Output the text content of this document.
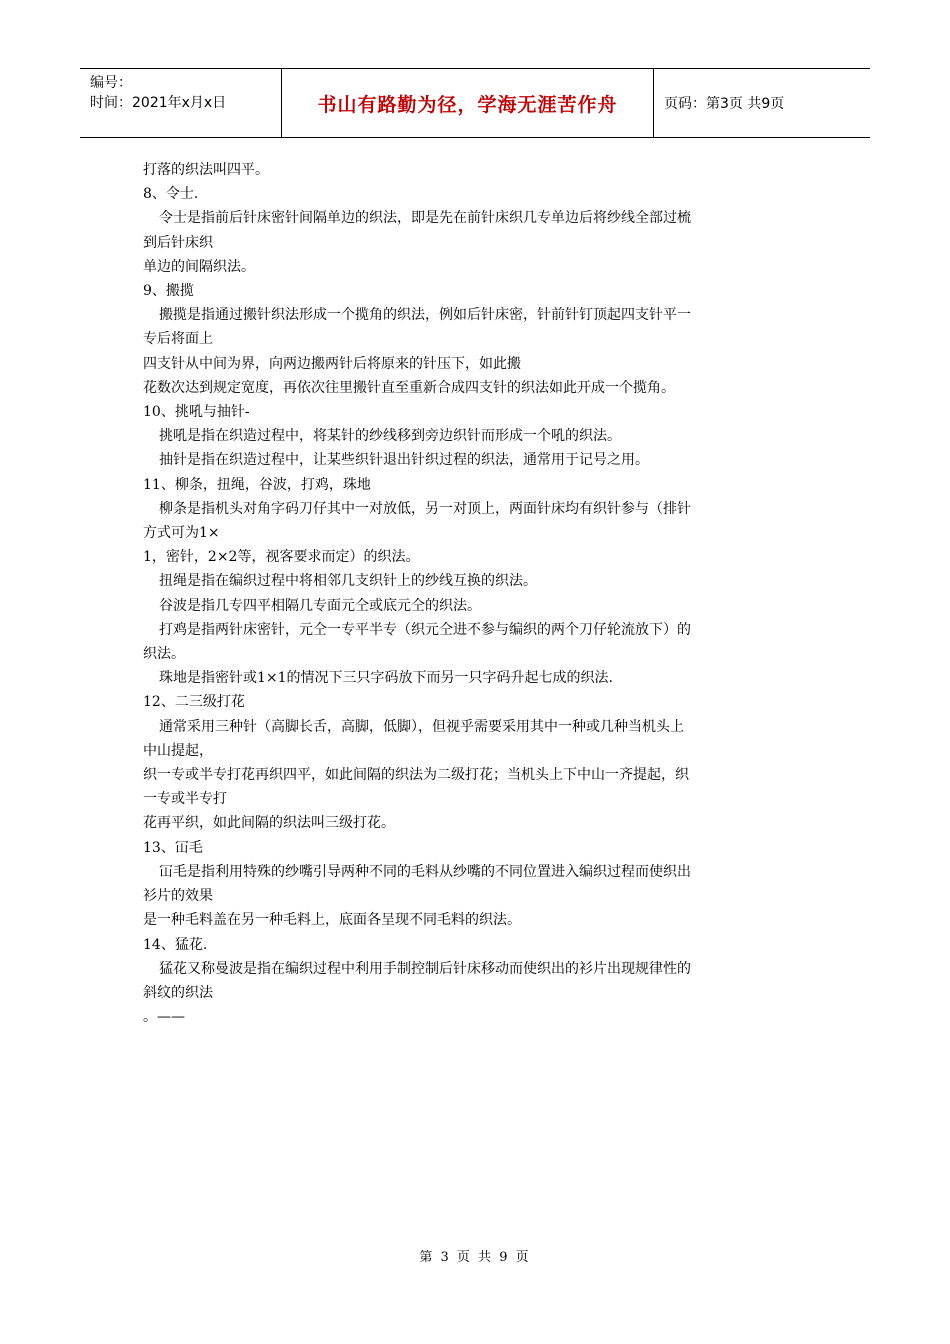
编号：
时间：2021年x月x日	书山有路勤为径，学海无涯苦作舟	页码：第3页 共9页

打落的织法叫四平。

8、令士.

令士是指前后针床密针间隔单边的织法，即是先在前针床织几专单边后将纱线全部过梳

到后针床织

单边的间隔织法。

9、搬揽

搬揽是指通过搬针织法形成一个揽角的织法，例如后针床密，针前针钉顶起四支针平一

专后将面上

四支针从中间为界，向两边搬两针后将原来的针压下，如此搬

花数次达到规定宽度，再依次往里搬针直至重新合成四支针的织法如此开成一个揽角。

10、挑吼与抽针-

挑吼是指在织造过程中，将某针的纱线移到旁边织针而形成一个吼的织法。

抽针是指在织造过程中，让某些织针退出针织过程的织法，通常用于记号之用。

11、柳条，扭绳，谷波，打鸡，珠地

柳条是指机头对角字码刀仔其中一对放低，另一对顶上，两面针床均有织针参与（排针

方式可为1×

1，密针，2×2等，视客要求而定）的织法。

扭绳是指在编织过程中将相邻几支织针上的纱线互换的织法。

谷波是指几专四平相隔几专面元仝或底元仝的织法。

打鸡是指两针床密针，元仝一专平半专（织元仝进不参与编织的两个刀仔轮流放下）的

织法。

珠地是指密针或1×1的情况下三只字码放下而另一只字码升起七成的织法.

12、二三级打花

通常采用三种针（高脚长舌，高脚，低脚），但视乎需要采用其中一种或几种当机头上

中山提起，

织一专或半专打花再织四平，如此间隔的织法为二级打花；当机头上下中山一齐提起，织

一专或半专打

花再平织，如此间隔的织法叫三级打花。

13、冚毛

冚毛是指利用特殊的纱嘴引导两种不同的毛料从纱嘴的不同位置进入编织过程而使织出

衫片的效果

是一种毛料盖在另一种毛料上，底面各呈现不同毛料的织法。

14、猛花.

猛花又称曼波是指在编织过程中利用手制控制后针床移动而使织出的衫片出现规律性的

斜纹的织法

。——

第 3 页 共 9 页
